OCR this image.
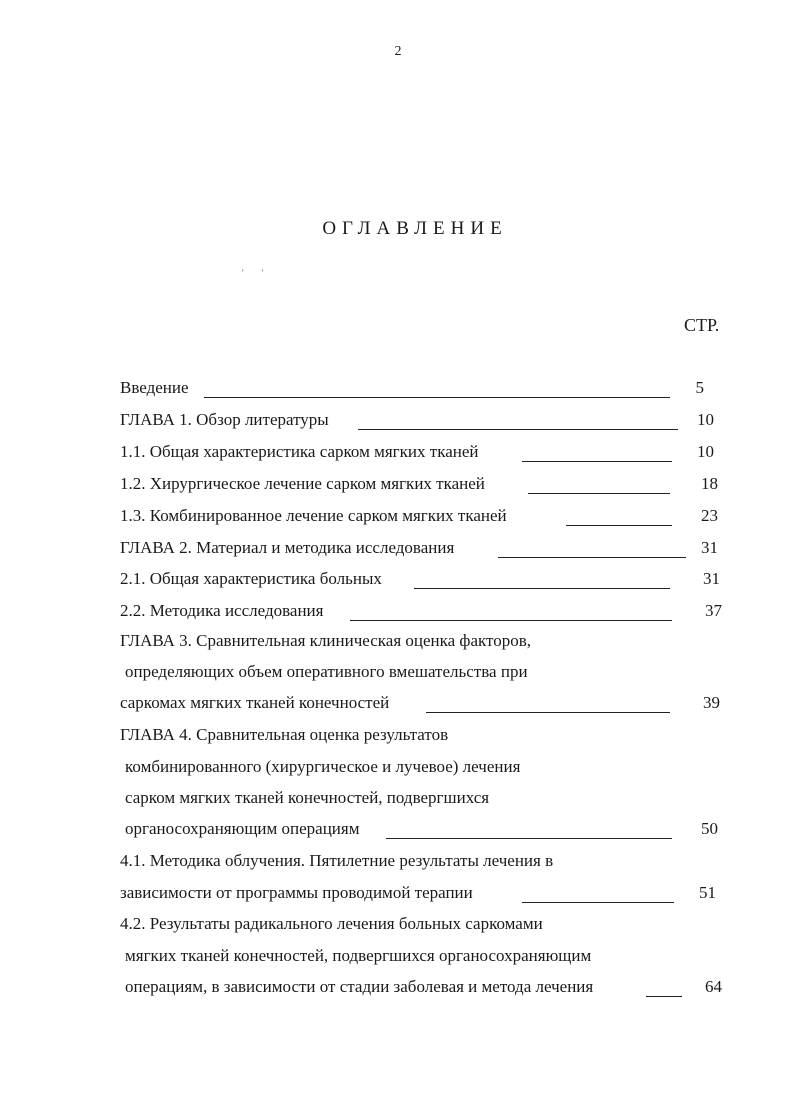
2
ОГЛАВЛЕНИЕ
' '
СТР.
Введение	5
ГЛАВА 1. Обзор литературы	10
1.1. Общая характеристика сарком мягких тканей	10
1.2. Хирургическое лечение сарком мягких тканей	18
1.3. Комбинированное лечение сарком мягких тканей	23
ГЛАВА 2. Материал и методика исследования	31
2.1. Общая характеристика больных	31
2.2. Методика исследования	37
ГЛАВА 3. Сравнительная клиническая оценка факторов,
определяющих объем оперативного вмешательства при
саркомах мягких тканей конечностей	39
ГЛАВА 4. Сравнительная оценка результатов
комбинированного (хирургическое и лучевое) лечения
сарком мягких тканей конечностей, подвергшихся
органосохраняющим операциям	50
4.1. Методика облучения. Пятилетние результаты лечения в
зависимости от программы проводимой терапии	51
4.2. Результаты радикального лечения больных саркомами
мягких тканей конечностей, подвергшихся органосохраняющим
операциям, в зависимости от стадии заболевая и метода лечения	64
